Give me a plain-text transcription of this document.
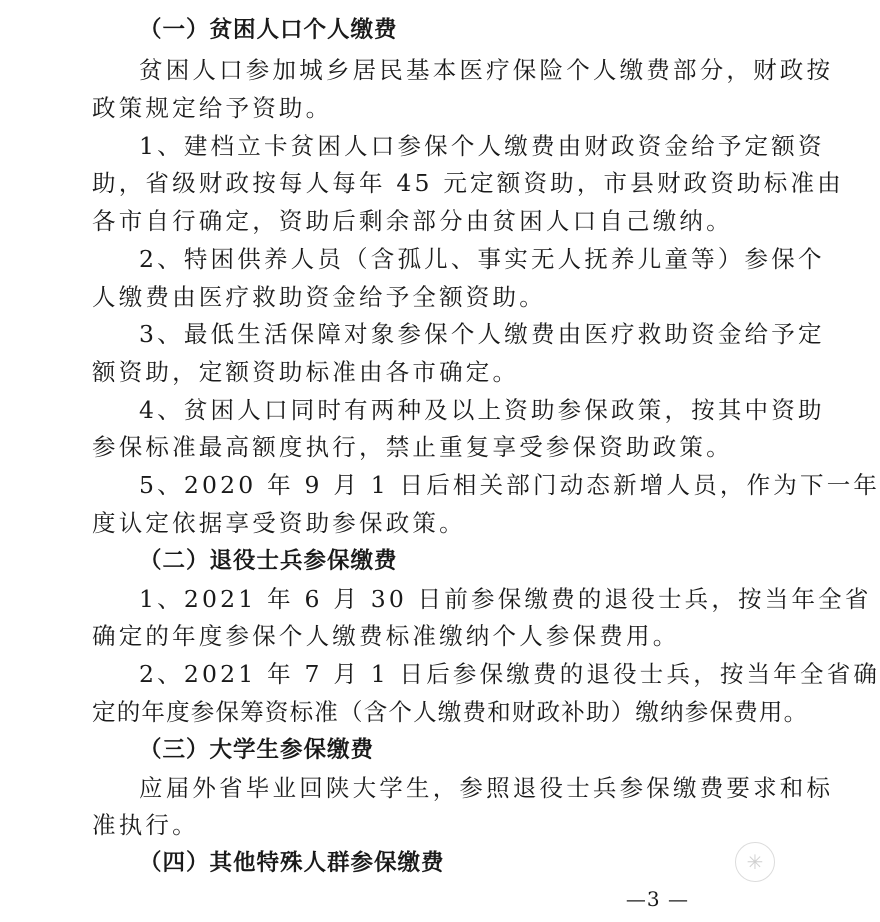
（一）贫困人口个人缴费
贫困人口参加城乡居民基本医疗保险个人缴费部分，财政按
政策规定给予资助。
1、建档立卡贫困人口参保个人缴费由财政资金给予定额资
助，省级财政按每人每年 45 元定额资助，市县财政资助标准由
各市自行确定，资助后剩余部分由贫困人口自己缴纳。
2、特困供养人员（含孤儿、事实无人抚养儿童等）参保个
人缴费由医疗救助资金给予全额资助。
3、最低生活保障对象参保个人缴费由医疗救助资金给予定
额资助，定额资助标准由各市确定。
4、贫困人口同时有两种及以上资助参保政策，按其中资助
参保标准最高额度执行，禁止重复享受参保资助政策。
5、2020 年 9 月 1 日后相关部门动态新增人员，作为下一年
度认定依据享受资助参保政策。
（二）退役士兵参保缴费
1、2021 年 6 月 30 日前参保缴费的退役士兵，按当年全省
确定的年度参保个人缴费标准缴纳个人参保费用。
2、2021 年 7 月 1 日后参保缴费的退役士兵，按当年全省确
定的年度参保筹资标准（含个人缴费和财政补助）缴纳参保费用。
（三）大学生参保缴费
应届外省毕业回陕大学生，参照退役士兵参保缴费要求和标
准执行。
（四）其他特殊人群参保缴费	✳
—3 —
